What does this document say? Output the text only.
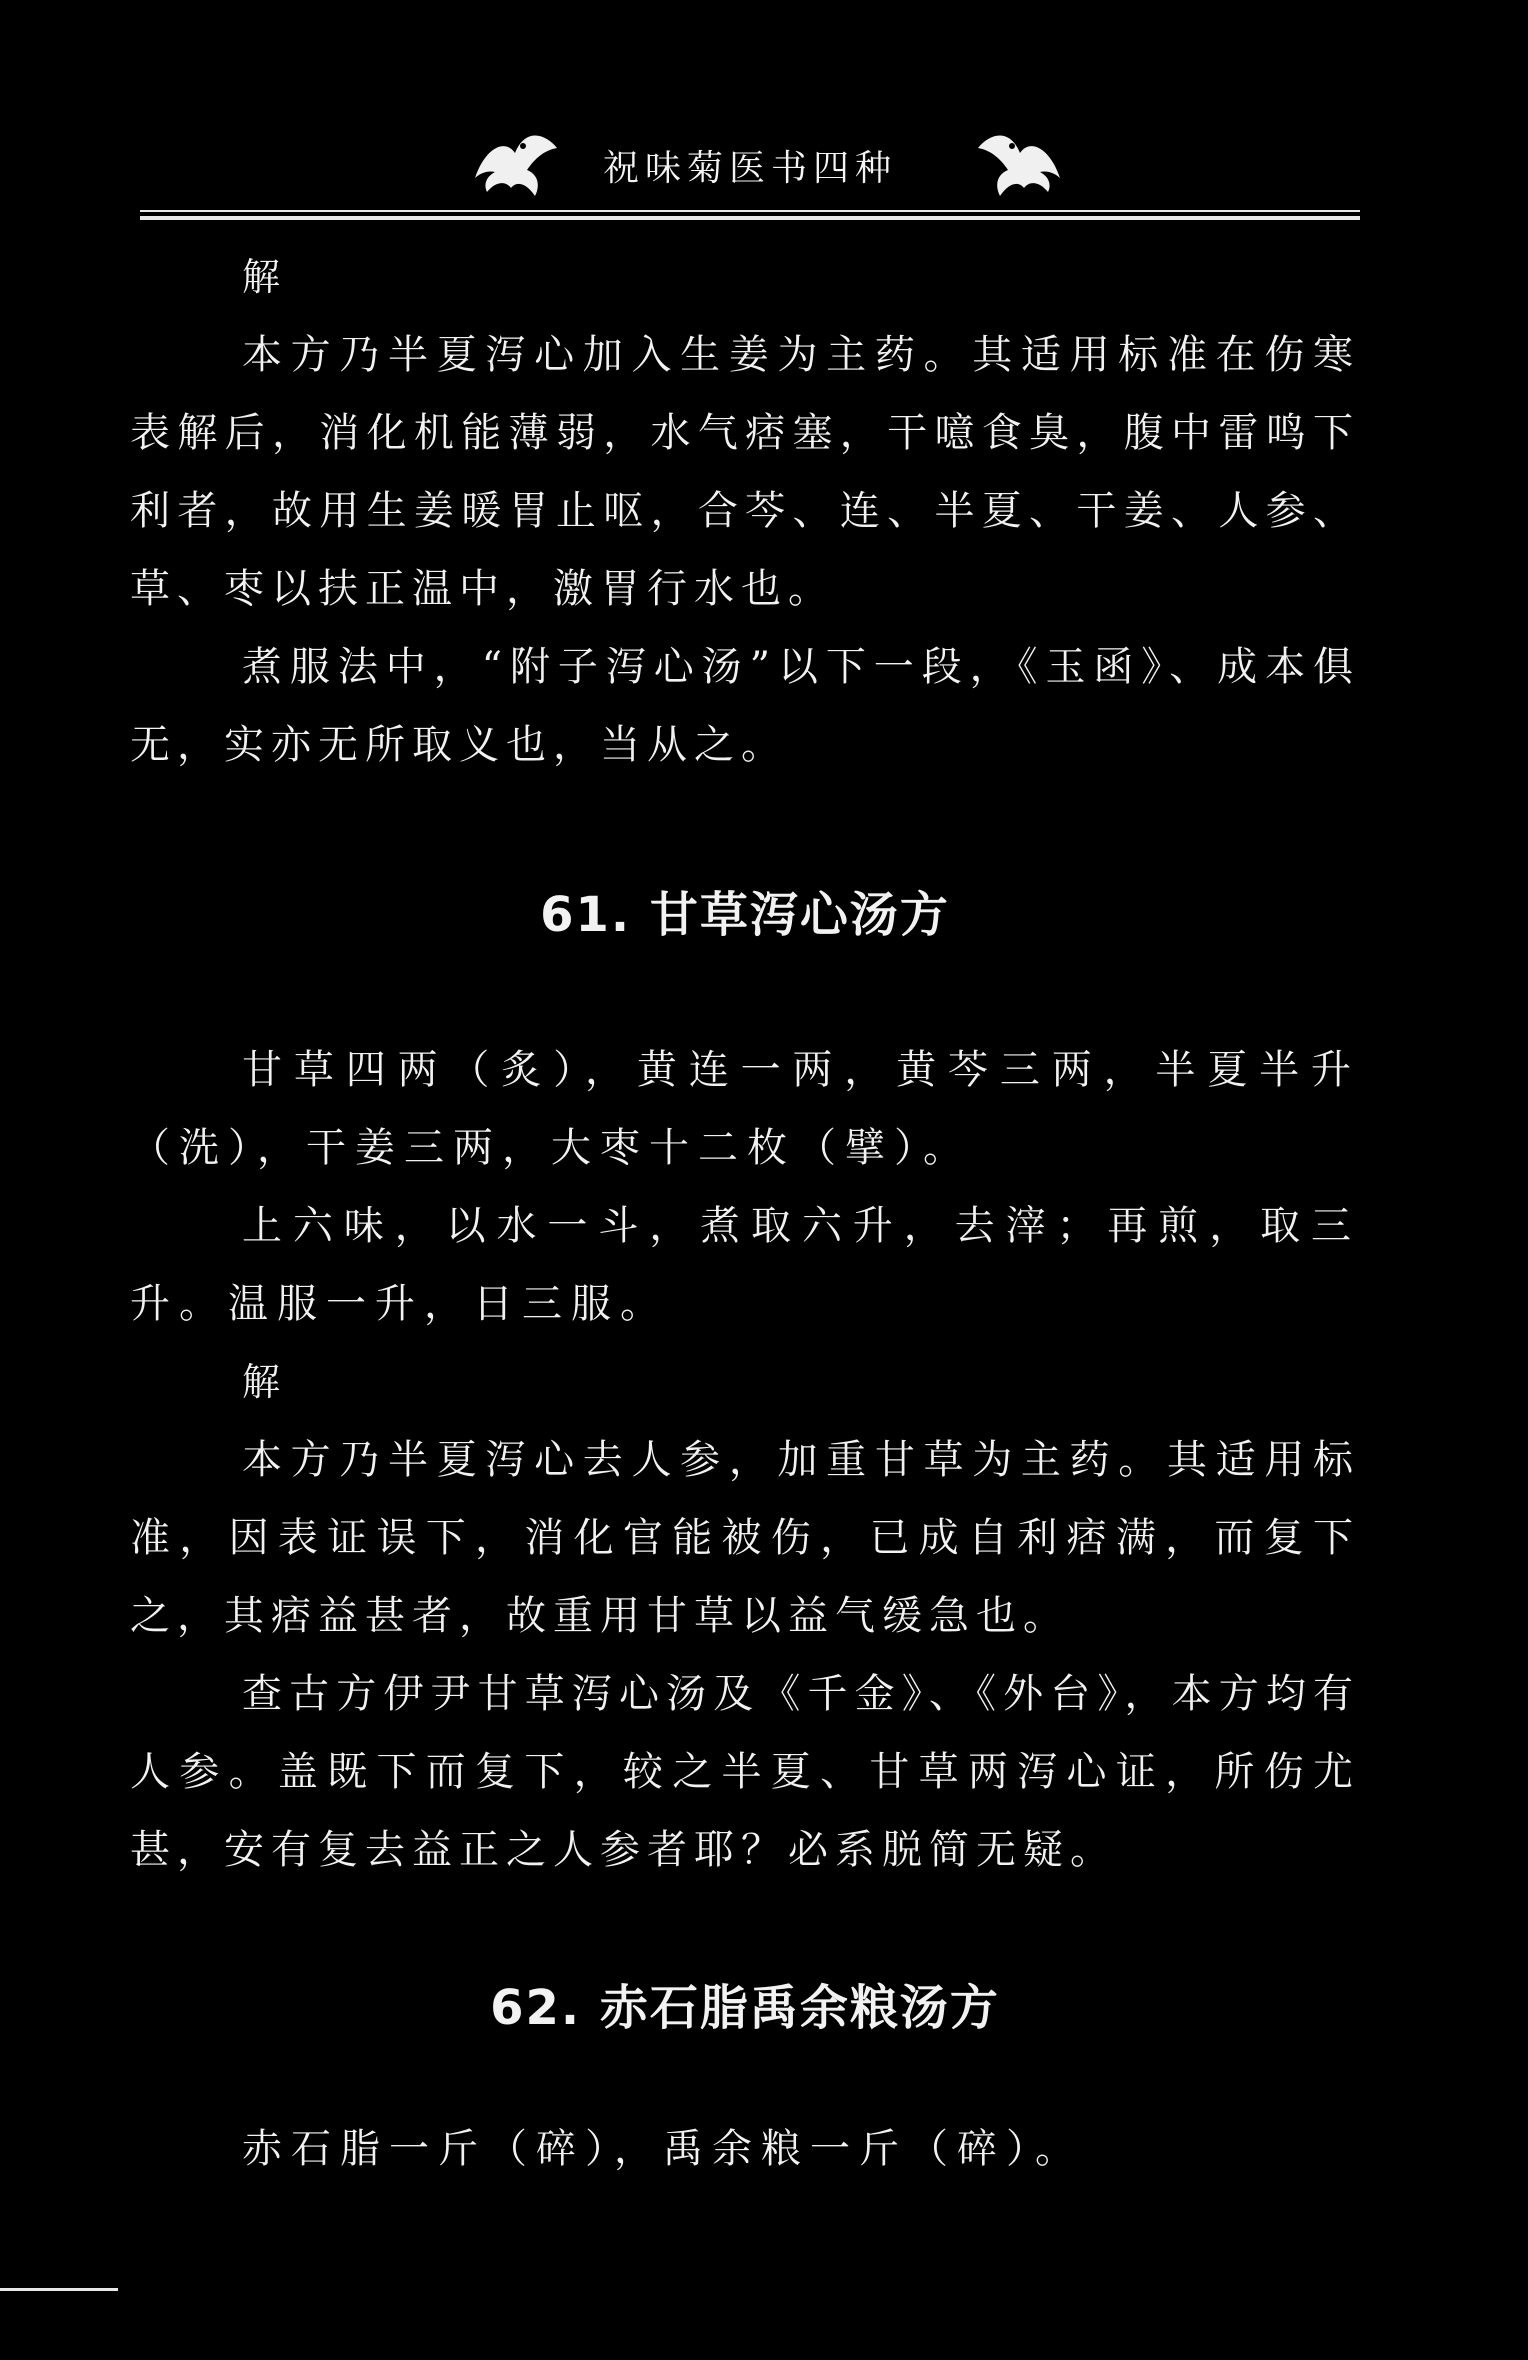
祝味菊医书四种
解

本方乃半夏泻心加入生姜为主药。其适用标准在伤寒表解后，消化机能薄弱，水气痞塞，干噫食臭，腹中雷鸣下利者，故用生姜暖胃止呕，合芩、连、半夏、干姜、人参、草、枣以扶正温中，激胃行水也。

煮服法中，“附子泻心汤”以下一段，《玉函》、成本俱无，实亦无所取义也，当从之。

61. 甘草泻心汤方

甘草四两（炙），黄连一两，黄芩三两，半夏半升（洗），干姜三两，大枣十二枚（擘）。

上六味，以水一斗，煮取六升，去滓；再煎，取三升。温服一升，日三服。

解

本方乃半夏泻心去人参，加重甘草为主药。其适用标准，因表证误下，消化官能被伤，已成自利痞满，而复下之，其痞益甚者，故重用甘草以益气缓急也。

查古方伊尹甘草泻心汤及《千金》、《外台》，本方均有人参。盖既下而复下，较之半夏、甘草两泻心证，所伤尤甚，安有复去益正之人参者耶？必系脱简无疑。

62. 赤石脂禹余粮汤方

赤石脂一斤（碎），禹余粮一斤（碎）。
